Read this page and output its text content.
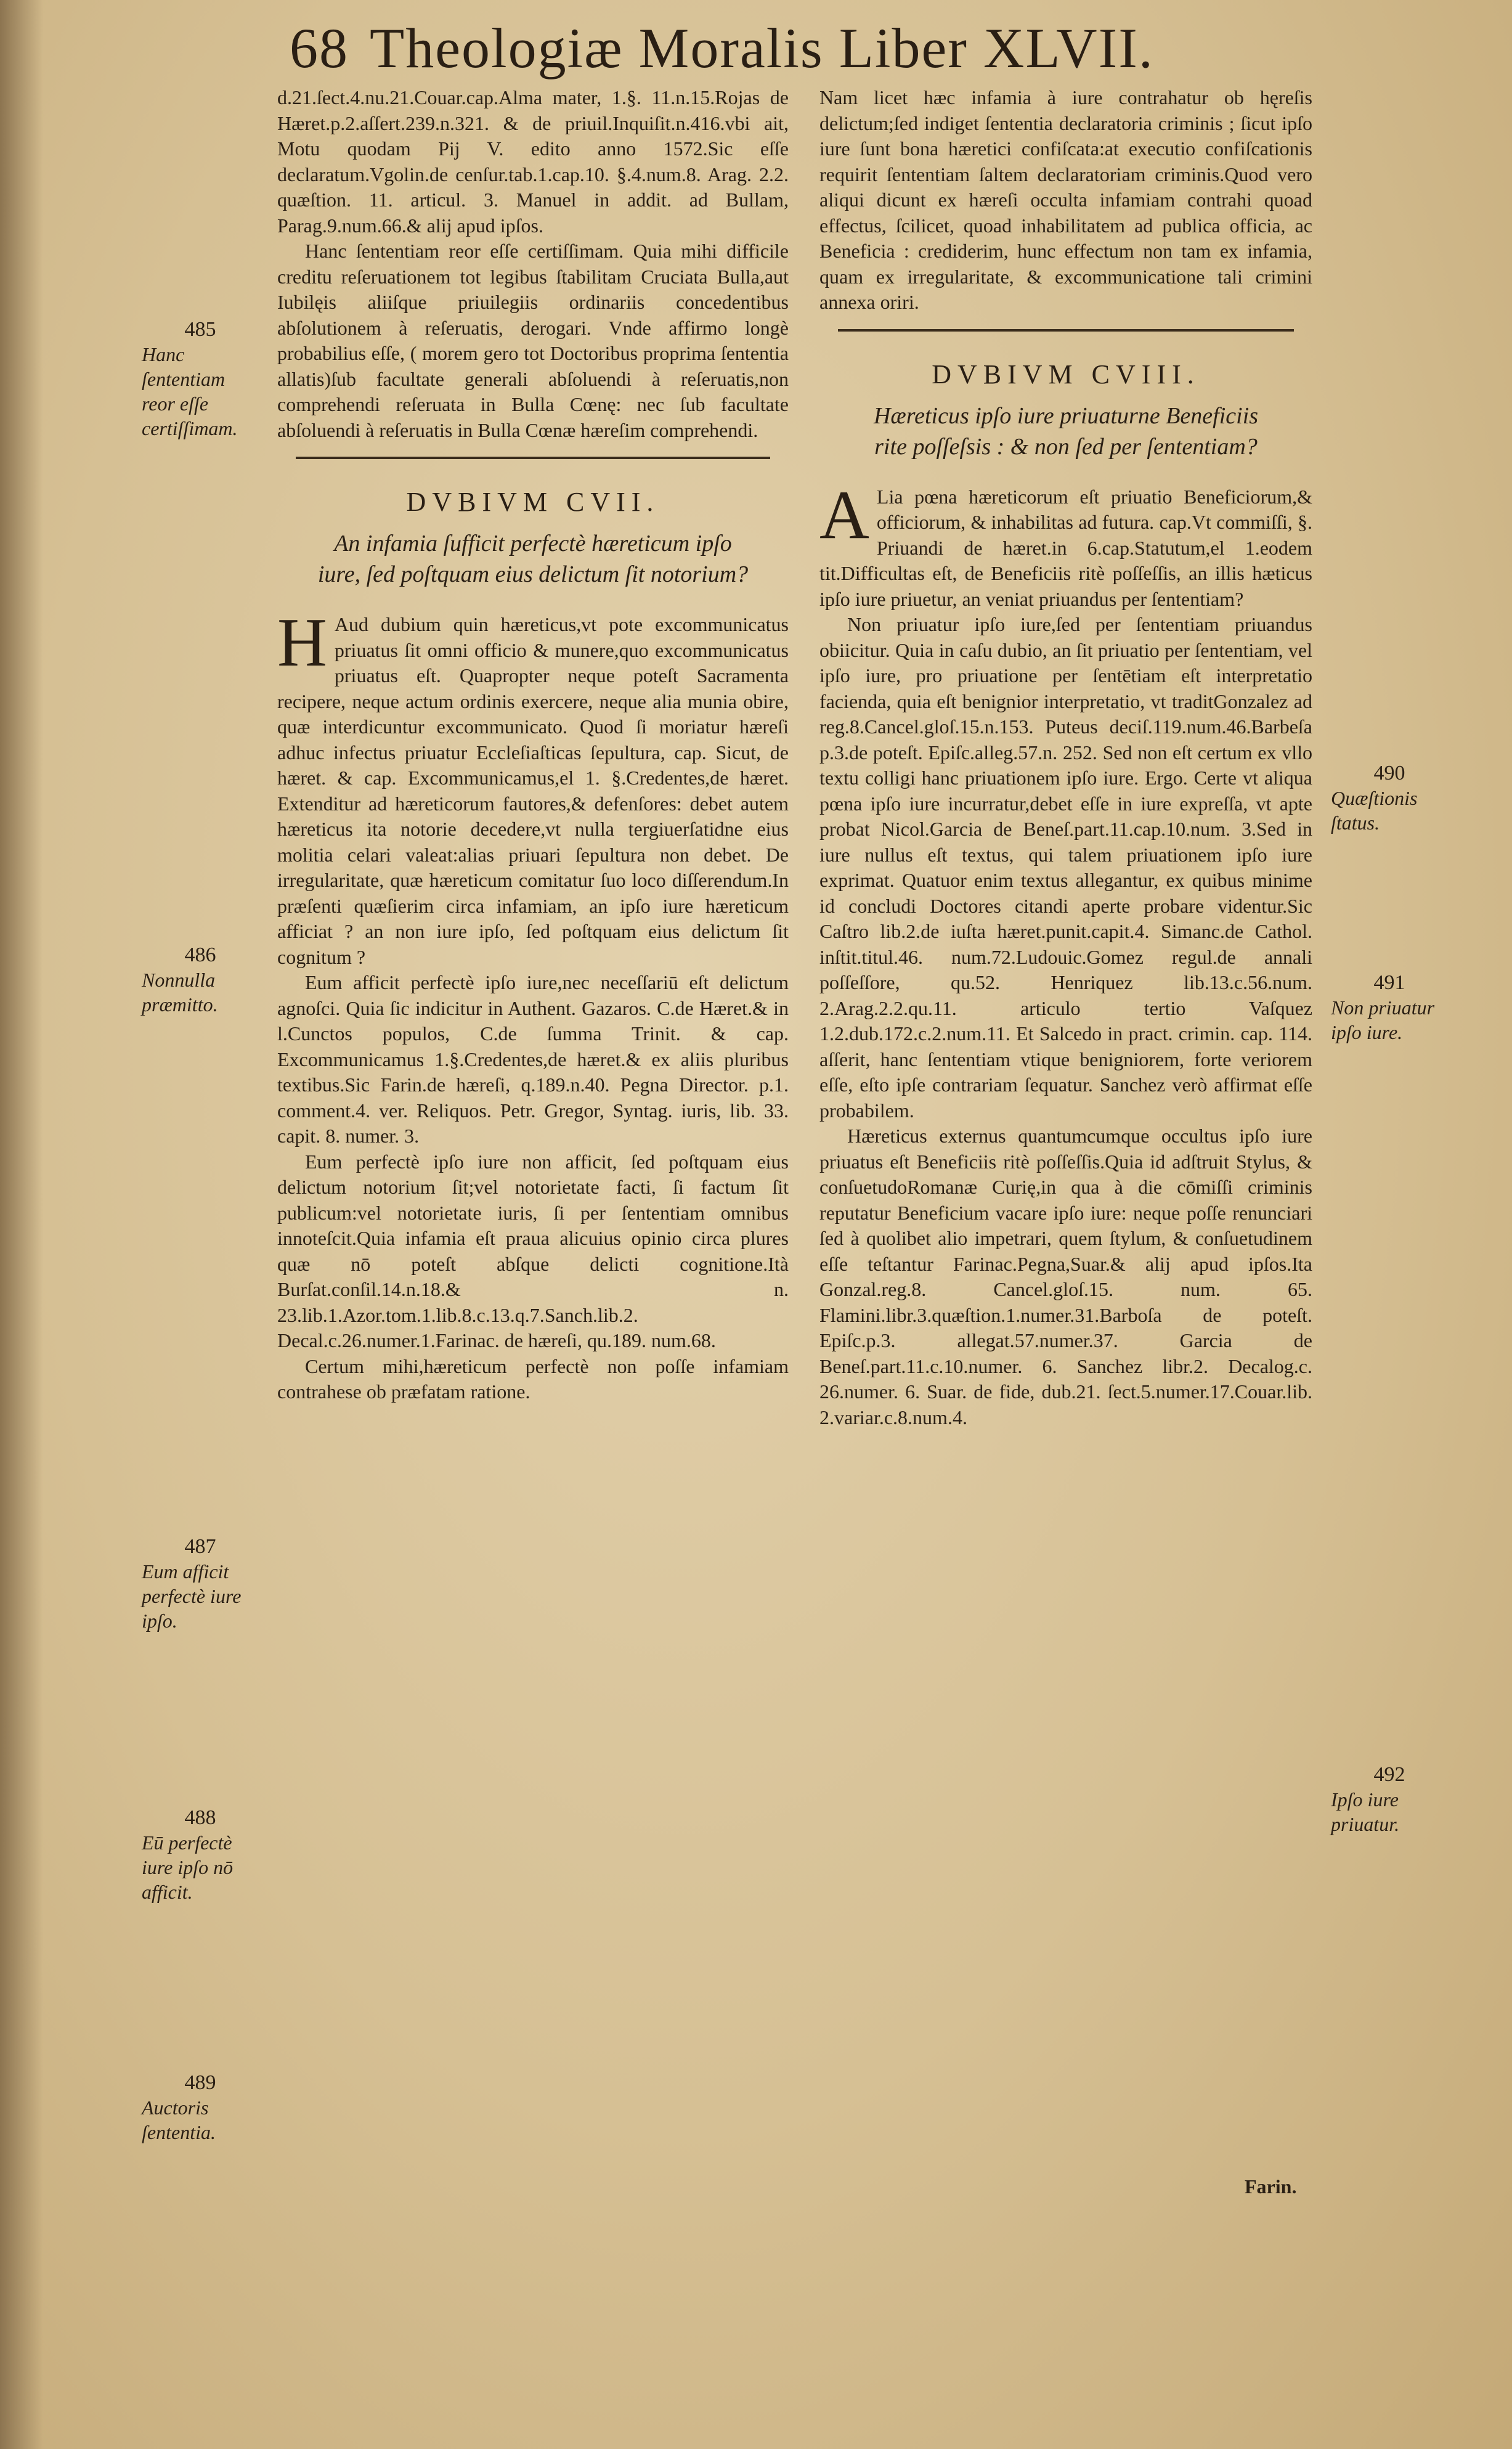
68 Theologiæ Moralis Liber XLVII.

d.21.ſect.4.nu.21.Couar.cap.Alma mater, 1.§. 11.n.15.Rojas de Hæret.p.2.aſſert.239.n.321. & de priuil.Inquiſit.n.416.vbi ait, Motu quodam Pij V. edito anno 1572.Sic eſſe declaratum.Vgolin.de cenſur.tab.1.cap.10. §.4.num.8. Arag. 2.2. quæſtion. 11. articul. 3. Manuel in addit. ad Bullam, Parag.9.num.66.& alij apud ipſos.

Hanc ſententiam reor eſſe certiſſimam. Quia mihi difficile creditu reſeruationem tot legibus ſtabilitam Cruciata Bulla,aut Iubilęis aliiſque priuilegiis ordinariis concedentibus abſolutionem à reſeruatis, derogari. Vnde affirmo longè probabilius eſſe, ( morem gero tot Doctoribus proprima ſententia allatis)ſub facultate generali abſoluendi à reſeruatis,non comprehendi reſeruata in Bulla Cœnę: nec ſub facultate abſoluendi à reſeruatis in Bulla Cœnæ hæreſim comprehendi.

DVBIVM CVII.
An infamia ſufficit perfectè hæreticum ipſo iure, ſed poſtquam eius delictum ſit notorium?

H Aud dubium quin hæreticus,vt pote excommunicatus priuatus ſit omni officio & munere,quo excommunicatus priuatus eſt. Quapropter neque poteſt Sacramenta recipere, neque actum ordinis exercere, neque alia munia obire, quæ interdicuntur excommunicato. Quod ſi moriatur hæreſi adhuc infectus priuatur Eccleſiaſticas ſepultura, cap. Sicut, de hæret. & cap. Excommunicamus,el 1. §.Credentes,de hæret. Extenditur ad hæreticorum fautores,& defenſores: debet autem hæreticus ita notorie decedere,vt nulla tergiuerſatidne eius molitia celari valeat:alias priuari ſepultura non debet. De irregularitate, quæ hæreticum comitatur ſuo loco diſſerendum.In præſenti quæſierim circa infamiam, an ipſo iure hæreticum afficiat ? an non iure ipſo, ſed poſtquam eius delictum ſit cognitum ?

Eum afficit perfectè ipſo iure,nec neceſſariū eſt delictum agnoſci. Quia ſic indicitur in Authent. Gazaros. C.de Hæret.& in l.Cunctos populos, C.de ſumma Trinit. & cap. Excommunicamus 1.§.Credentes,de hæret.& ex aliis pluribus textibus.Sic Farin.de hæreſi, q.189.n.40. Pegna Director. p.1. comment.4. ver. Reliquos. Petr. Gregor, Syntag. iuris, lib. 33. capit. 8. numer. 3.

Eum perfectè ipſo iure non afficit, ſed poſtquam eius delictum notorium ſit;vel notorietate facti, ſi factum ſit publicum:vel notorietate iuris, ſi per ſententiam omnibus innoteſcit.Quia infamia eſt praua alicuius opinio circa plures quæ nō poteſt abſque delicti cognitione.Ità Burſat.conſil.14.n.18.& n. 23.lib.1.Azor.tom.1.lib.8.c.13.q.7.Sanch.lib.2. Decal.c.26.numer.1.Farinac. de hæreſi, qu.189. num.68.

Certum mihi,hæreticum perfectè non poſſe infamiam contrahese ob præfatam ratione.

485
Hanc ſententiam reor eſſe certiſſimam.
486
Nonnulla præmitto.
487
Eum afficit perfectè iure ipſo.
488
Eū perfectè iure ipſo nō afficit.
489
Auctoris ſententia.

Nam licet hæc infamia à iure contrahatur ob hęreſis delictum;ſed indiget ſententia declaratoria criminis ; ſicut ipſo iure ſunt bona hæretici confiſcata:at executio confiſcationis requirit ſententiam ſaltem declaratoriam criminis.Quod vero aliqui dicunt ex hæreſi occulta infamiam contrahi quoad effectus, ſcilicet, quoad inhabilitatem ad publica officia, ac Beneficia : crediderim, hunc effectum non tam ex infamia, quam ex irregularitate, & excommunicatione tali crimini annexa oriri.

DVBIVM CVIII.
Hæreticus ipſo iure priuaturne Beneficiis rite poſſeſsis : & non ſed per ſententiam?

A Lia pœna hæreticorum eſt priuatio Beneficiorum,& officiorum, & inhabilitas ad futura. cap.Vt commiſſi, §. Priuandi de hæret.in 6.cap.Statutum,el 1.eodem tit.Difficultas eſt, de Beneficiis ritè poſſeſſis, an illis hæticus ipſo iure priuetur, an veniat priuandus per ſententiam?

Non priuatur ipſo iure,ſed per ſententiam priuandus obiicitur. Quia in caſu dubio, an ſit priuatio per ſententiam, vel ipſo iure, pro priuatione per ſentētiam eſt interpretatio facienda, quia eſt benignior interpretatio, vt traditGonzalez ad reg.8.Cancel.gloſ.15.n.153. Puteus deciſ.119.num.46.Barbeſa p.3.de poteſt. Epiſc.alleg.57.n. 252. Sed non eſt certum ex vllo textu colligi hanc priuationem ipſo iure. Ergo. Certe vt aliqua pœna ipſo iure incurratur,debet eſſe in iure expreſſa, vt apte probat Nicol.Garcia de Beneſ.part.11.cap.10.num. 3.Sed in iure nullus eſt textus, qui talem priuationem ipſo iure exprimat. Quatuor enim textus allegantur, ex quibus minime id concludi Doctores citandi aperte probare videntur.Sic Caſtro lib.2.de iuſta hæret.punit.capit.4. Simanc.de Cathol. inſtit.titul.46. num.72.Ludouic.Gomez regul.de annali poſſeſſore, qu.52. Henriquez lib.13.c.56.num. 2.Arag.2.2.qu.11. articulo tertio Vaſquez 1.2.dub.172.c.2.num.11. Et Salcedo in pract. crimin. cap. 114. aſſerit, hanc ſententiam vtique benigniorem, forte veriorem eſſe, eſto ipſe contrariam ſequatur. Sanchez verò affirmat eſſe probabilem.

Hæreticus externus quantumcumque occultus ipſo iure priuatus eſt Beneficiis ritè poſſeſſis.Quia id adſtruit Stylus, & conſuetudoRomanæ Curię,in qua à die cōmiſſi criminis reputatur Beneficium vacare ipſo iure: neque poſſe renunciari ſed à quolibet alio impetrari, quem ſtylum, & conſuetudinem eſſe teſtantur Farinac.Pegna,Suar.& alij apud ipſos.Ita Gonzal.reg.8. Cancel.gloſ.15. num. 65. Flamini.libr.3.quæſtion.1.numer.31.Barboſa de poteſt. Epiſc.p.3. allegat.57.numer.37. Garcia de Beneſ.part.11.c.10.numer. 6. Sanchez libr.2. Decalog.c. 26.numer. 6. Suar. de fide, dub.21. ſect.5.numer.17.Couar.lib. 2.variar.c.8.num.4.

490
Quæſtionis ſtatus.
491
Non priuatur ipſo iure.
492
Ipſo iure priuatur.
Farin.
